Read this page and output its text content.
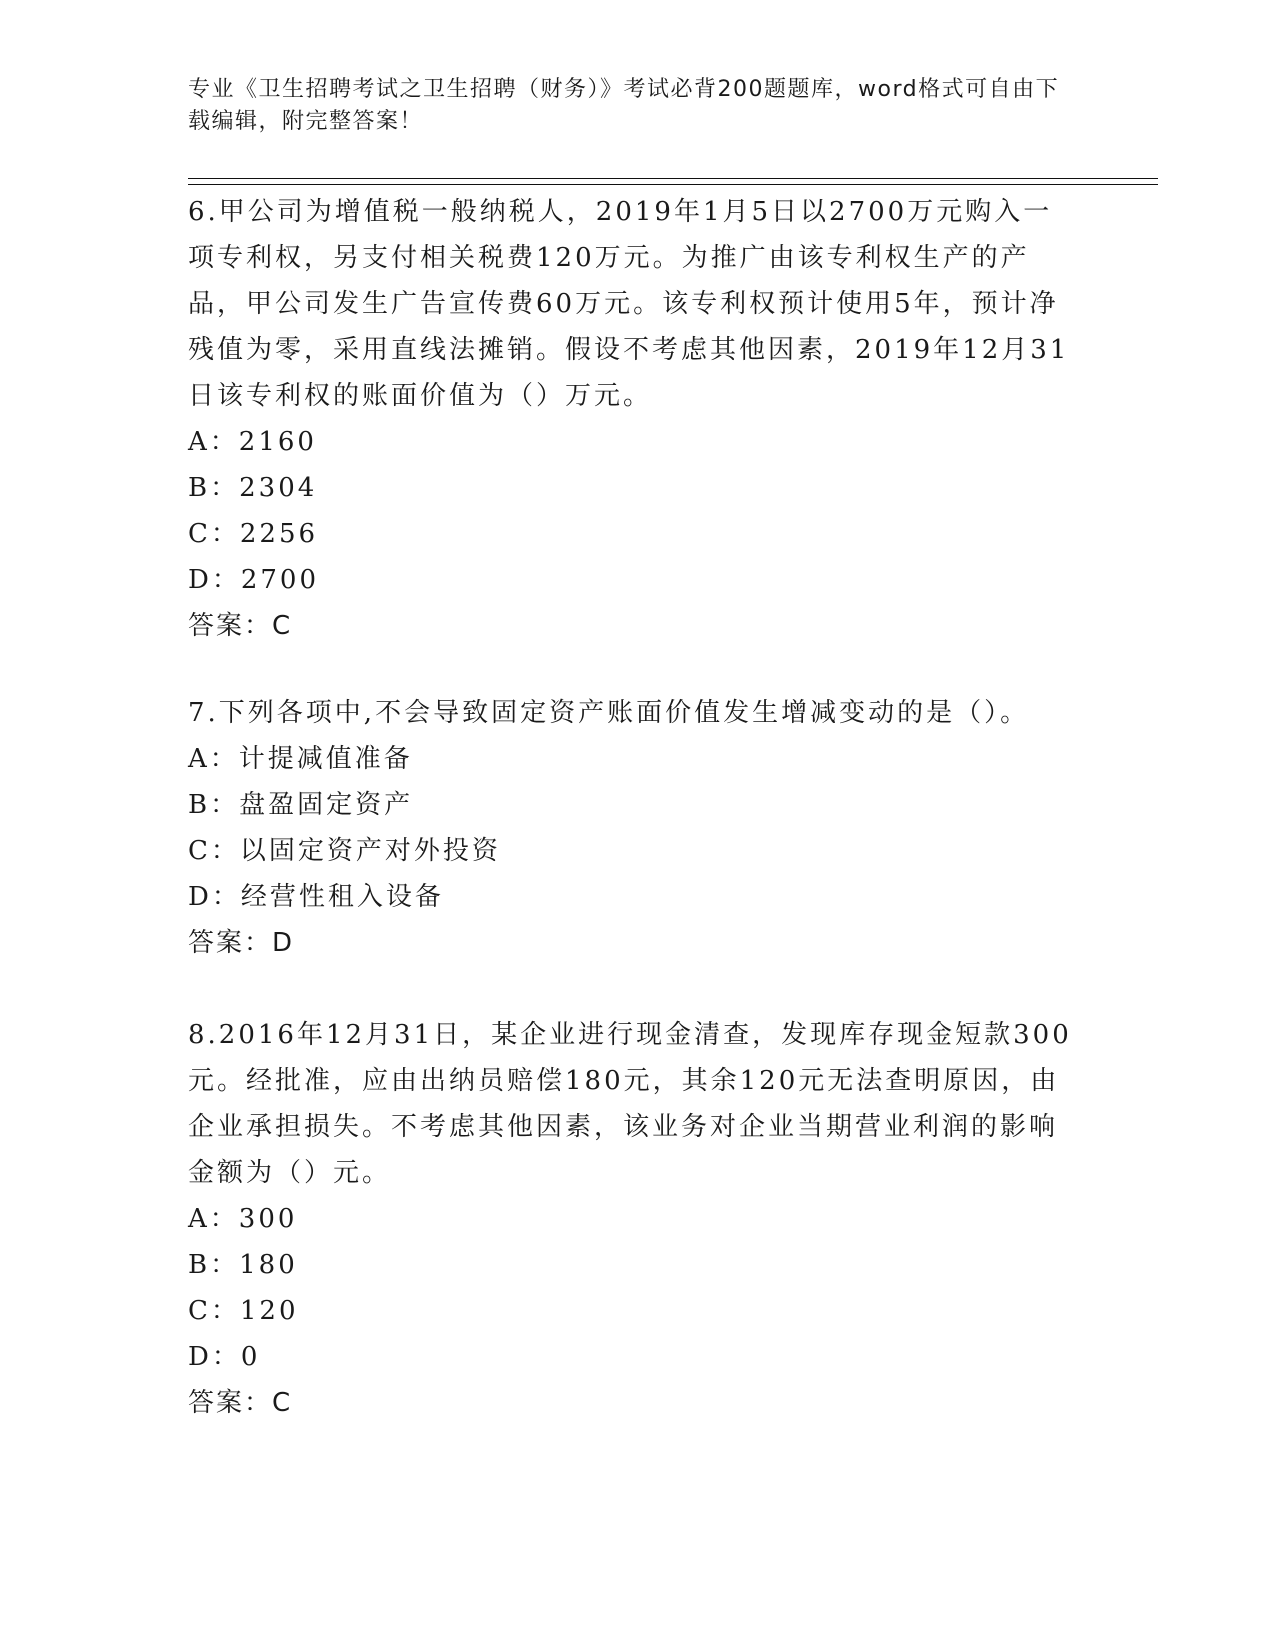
专业《卫生招聘考试之卫生招聘（财务）》考试必背200题题库，word格式可自由下载编辑，附完整答案！
6.甲公司为增值税一般纳税人，2019年1月5日以2700万元购入一项专利权，另支付相关税费120万元。为推广由该专利权生产的产品，甲公司发生广告宣传费60万元。该专利权预计使用5年，预计净残值为零，采用直线法摊销。假设不考虑其他因素，2019年12月31日该专利权的账面价值为（）万元。
A：2160
B：2304
C：2256
D：2700
答案：C
7.下列各项中,不会导致固定资产账面价值发生增减变动的是（）。
A：计提减值准备
B：盘盈固定资产
C：以固定资产对外投资
D：经营性租入设备
答案：D
8.2016年12月31日，某企业进行现金清查，发现库存现金短款300元。经批准，应由出纳员赔偿180元，其余120元无法查明原因，由企业承担损失。不考虑其他因素，该业务对企业当期营业利润的影响金额为（）元。
A：300
B：180
C：120
D：0
答案：C
